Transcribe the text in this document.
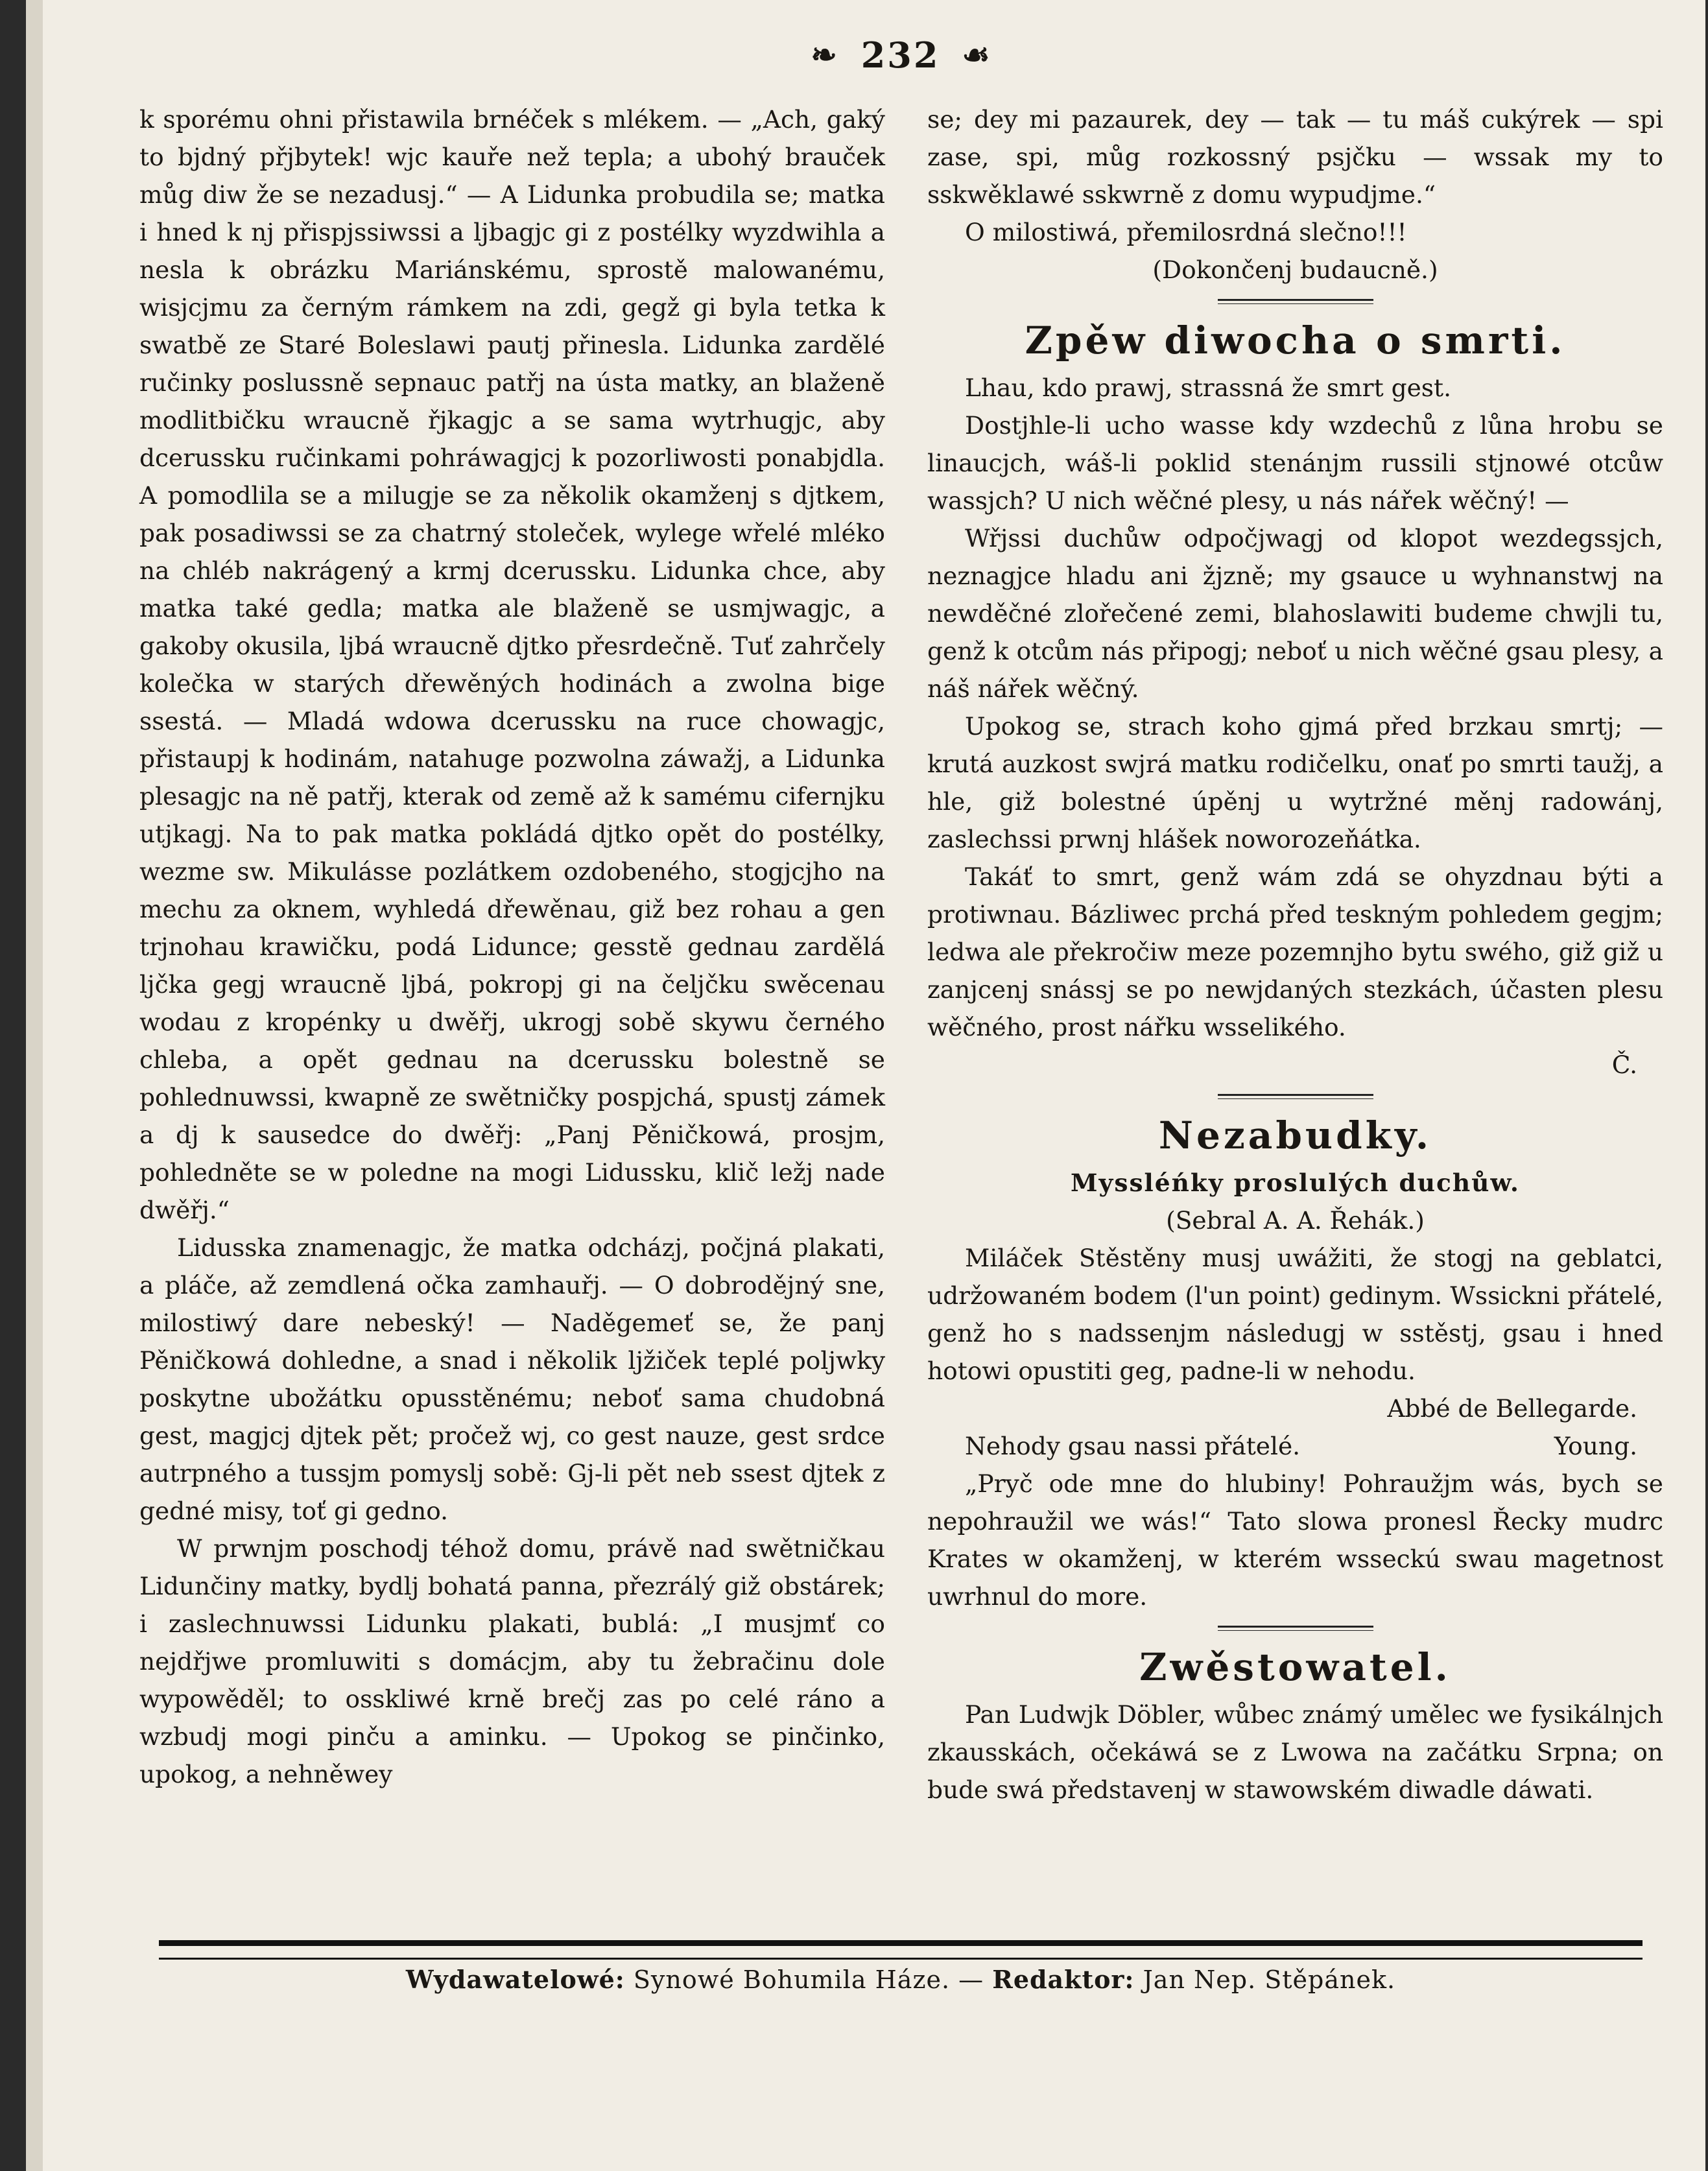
❧ 232 ☙

k sporému ohni přistawila brnéček s mlékem. — „Ach, gaký to bjdný přjbytek! wjc kauře než tepla; a ubohý brauček můg diw že se nezadusj.“ — A Lidunka probudila se; matka i hned k nj přispjssiwssi a ljbagjc gi z postélky wyzdwihla a nesla k obrázku Mariánskému, sprostě malowanému, wisjcjmu za černým rámkem na zdi, gegž gi byla tetka k swatbě ze Staré Boleslawi pautj přinesla. Lidunka zardělé ručinky poslussně sepnauc patřj na ústa matky, an blaženě modlitbičku wraucně řjkagjc a se sama wytrhugjc, aby dcerussku ručinkami pohráwagjcj k pozorliwosti ponabjdla. A pomodlila se a milugje se za několik okamženj s djtkem, pak posadiwssi se za chatrný stoleček, wylege wřelé mléko na chléb nakrágený a krmj dcerussku. Lidunka chce, aby matka také gedla; matka ale blaženě se usmjwagjc, a gakoby okusila, ljbá wraucně djtko přesrdečně. Tuť zahrčely kolečka w starých dřewěných hodinách a zwolna bige ssestá. — Mladá wdowa dcerussku na ruce chowagjc, přistaupj k hodinám, natahuge pozwolna záwažj, a Lidunka plesagjc na ně patřj, kterak od země až k samému cifernjku utjkagj. Na to pak matka pokládá djtko opět do postélky, wezme sw. Mikulásse pozlátkem ozdobeného, stogjcjho na mechu za oknem, wyhledá dřewěnau, giž bez rohau a gen trjnohau krawičku, podá Lidunce; gesstě gednau zardělá ljčka gegj wraucně ljbá, pokropj gi na čeljčku swěcenau wodau z kropénky u dwěřj, ukrogj sobě skywu černého chleba, a opět gednau na dcerussku bolestně se pohlednuwssi, kwapně ze swětničky pospjchá, spustj zámek a dj k sausedce do dwěřj: „Panj Pěničkowá, prosjm, pohledněte se w poledne na mogi Lidussku, klič ležj nade dwěřj.“

Lidusska znamenagjc, že matka odcházj, počjná plakati, a pláče, až zemdlená očka zamhauřj. — O dobrodějný sne, milostiwý dare nebeský! — Naděgemeť se, že panj Pěničkowá dohledne, a snad i několik ljžiček teplé poljwky poskytne ubožátku opusstěnému; neboť sama chudobná gest, magjcj djtek pět; pročež wj, co gest nauze, gest srdce autrpného a tussjm pomyslj sobě: Gj-li pět neb ssest djtek z gedné misy, toť gi gedno.

W prwnjm poschodj téhož domu, právě nad swětničkau Lidunčiny matky, bydlj bohatá panna, přezrálý giž obstárek; i zaslechnuwssi Lidunku plakati, bublá: „I musjmť co nejdřjwe promluwiti s domácjm, aby tu žebračinu dole wypowěděl; to osskliwé krně brečj zas po celé ráno a wzbudj mogi pinču a aminku. — Upokog se pinčinko, upokog, a nehněwey

se; dey mi pazaurek, dey — tak — tu máš cukýrek — spi zase, spi, můg rozkossný psjčku — wssak my to sskwěklawé sskwrně z domu wypudjme.“

O milostiwá, přemilosrdná slečno!!!

(Dokončenj budaucně.)

Zpěw diwocha o smrti.

Lhau, kdo prawj, strassná že smrt gest.

Dostjhle-li ucho wasse kdy wzdechů z lůna hrobu se linaucjch, wáš-li poklid stenánjm russili stjnowé otcůw wassjch? U nich wěčné plesy, u nás nářek wěčný! —

Wřjssi duchůw odpočjwagj od klopot wezdegssjch, neznagjce hladu ani žjzně; my gsauce u wyhnanstwj na newděčné zlořečené zemi, blahoslawiti budeme chwjli tu, genž k otcům nás připogj; neboť u nich wěčné gsau plesy, a náš nářek wěčný.

Upokog se, strach koho gjmá před brzkau smrtj; — krutá auzkost swjrá matku rodičelku, onať po smrti taužj, a hle, giž bolestné úpěnj u wytržné měnj radowánj, zaslechssi prwnj hlášek noworozeňátka.

Takáť to smrt, genž wám zdá se ohyzdnau býti a protiwnau. Bázliwec prchá před teskným pohledem gegjm; ledwa ale překročiw meze pozemnjho bytu swého, giž giž u zanjcenj snássj se po newjdaných stezkách, účasten plesu wěčného, prost nářku wsselikého.

Č.

Nezabudky.

Myssléńky proslulých duchůw.

(Sebral A. A. Řehák.)

Miláček Stěstěny musj uwážiti, že stogj na geblatci, udržowaném bodem (l'un point) gedinym. Wssickni přátelé, genž ho s nadssenjm následugj w sstěstj, gsau i hned hotowi opustiti geg, padne-li w nehodu.

Abbé de Bellegarde.

Nehody gsau nassi přátelé.	Young.

„Pryč ode mne do hlubiny! Pohraužjm wás, bych se nepohraužil we wás!“ Tato slowa pronesl Řecky mudrc Krates w okamženj, w kterém wsseckú swau magetnost uwrhnul do more.

Zwěstowatel.

Pan Ludwjk Döbler, wůbec známý umělec we fysikálnjch zkausskách, očekáwá se z Lwowa na začátku Srpna; on bude swá představenj w stawowském diwadle dáwati.

Wydawatelowé: Synowé Bohumila Háze. — Redaktor: Jan Nep. Stěpánek.
